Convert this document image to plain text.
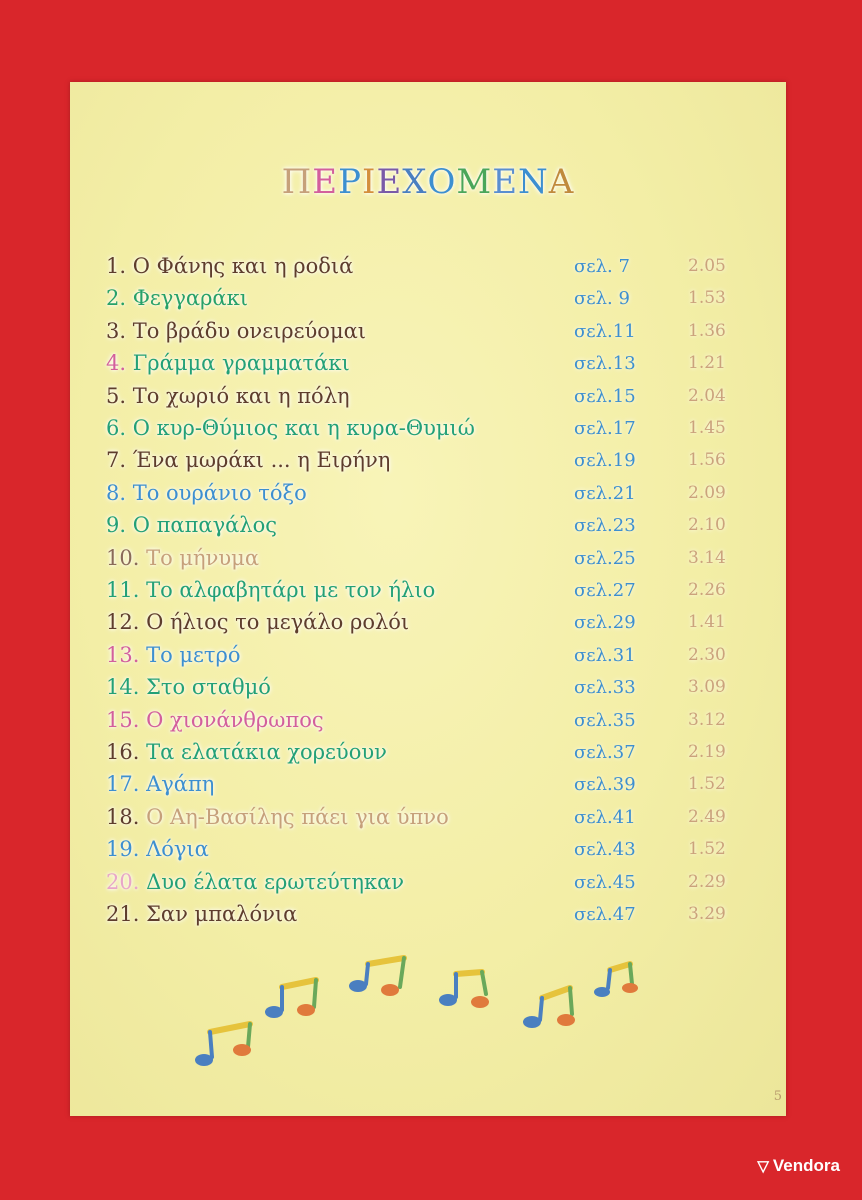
ΠΕΡΙΕΧΟΜΕΝΑ
1. Ο Φάνης και η ροδιά	σελ. 7	2.05
2. Φεγγαράκι	σελ. 9	1.53
3. Το βράδυ ονειρεύομαι	σελ.11	1.36
4. Γράμμα γραμματάκι	σελ.13	1.21
5. Το χωριό και η πόλη	σελ.15	2.04
6. Ο κυρ-Θύμιος και η κυρα-Θυμιώ	σελ.17	1.45
7. Ένα μωράκι ... η Ειρήνη	σελ.19	1.56
8. Το ουράνιο τόξο	σελ.21	2.09
9. Ο παπαγάλος	σελ.23	2.10
10. Το μήνυμα	σελ.25	3.14
11. Το αλφαβητάρι με τον ήλιο	σελ.27	2.26
12. Ο ήλιος το μεγάλο ρολόι	σελ.29	1.41
13. Το μετρό	σελ.31	2.30
14. Στο σταθμό	σελ.33	3.09
15. Ο χιονάνθρωπος	σελ.35	3.12
16. Τα ελατάκια χορεύουν	σελ.37	2.19
17. Αγάπη	σελ.39	1.52
18. Ο Αη-Βασίλης πάει για ύπνο	σελ.41	2.49
19. Λόγια	σελ.43	1.52
20. Δυο έλατα ερωτεύτηκαν	σελ.45	2.29
21. Σαν μπαλόνια	σελ.47	3.29
5
▽ Vendora
